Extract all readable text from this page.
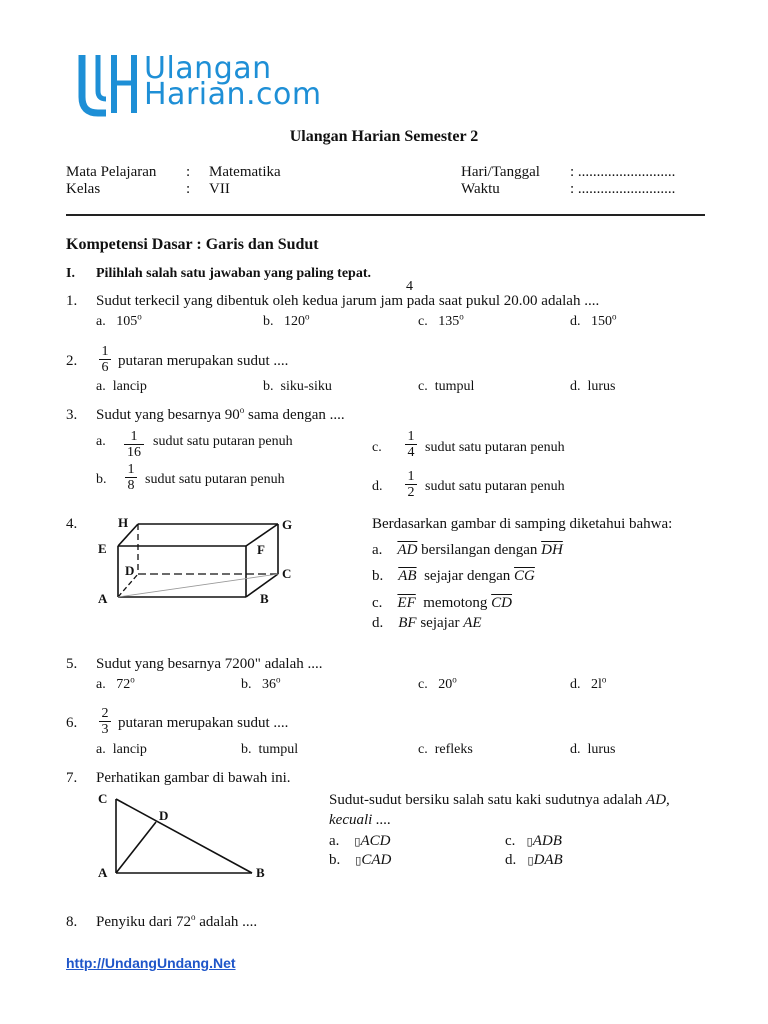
Ulangan
Harian.com
Ulangan Harian Semester 2
Mata Pelajaran : Matematika
Kelas	: VII
Hari/Tanggal : ..........................
Waktu	: ..........................
Kompetensi Dasar : Garis dan Sudut
I. Pilihlah salah satu jawaban yang paling tepat.
4
1. Sudut terkecil yang dibentuk oleh kedua jarum jam pada saat pukul 20.00 adalah ....
a. 105$^o$	b. 120$^o$	c. 135$^o$	d. 150$^o$
2. $\frac{1}{6}$ putaran merupakan sudut ....
a. lancip	b. siku-siku	c. tumpul	d. lurus
3. Sudut yang besarnya 90$^o$ sama dengan ....
a. $\frac{1}{16}$ sudut satu putaran penuh
b. $\frac{1}{8}$ sudut satu putaran penuh
c. $\frac{1}{4}$ sudut satu putaran penuh
d. $\frac{1}{2}$ sudut satu putaran penuh
4.	H	G
E	F
D	C
A	B
Berdasarkan gambar di samping diketahui bahwa:
a. $\overline{AD}$ bersilangan dengan $\overline{DH}$
b. $\overline{AB}$ sejajar dengan $\overline{CG}$
c. $\overline{EF}$ memotong $\overline{CD}$
d. BF sejajar AE
5. Sudut yang besarnya 7200" adalah ....
a. 72$^o$	b. 36$^o$	c. 20$^o$	d. $2l^o$
6. $\frac{2}{3}$ putaran merupakan sudut ....
a. lancip	b. tumpul	c. refleks	d. lurus
7. Perhatikan gambar di bawah ini.
C
D
A	B
Sudut-sudut bersiku salah satu kaki sudutnya adalah AD,
kecuali ....
a. ▯ACD
b. ▯CAD
c. ▯ADB
d. ▯DAB
8. Penyiku dari 72$^o$ adalah ....
http://UndangUndang.Net
